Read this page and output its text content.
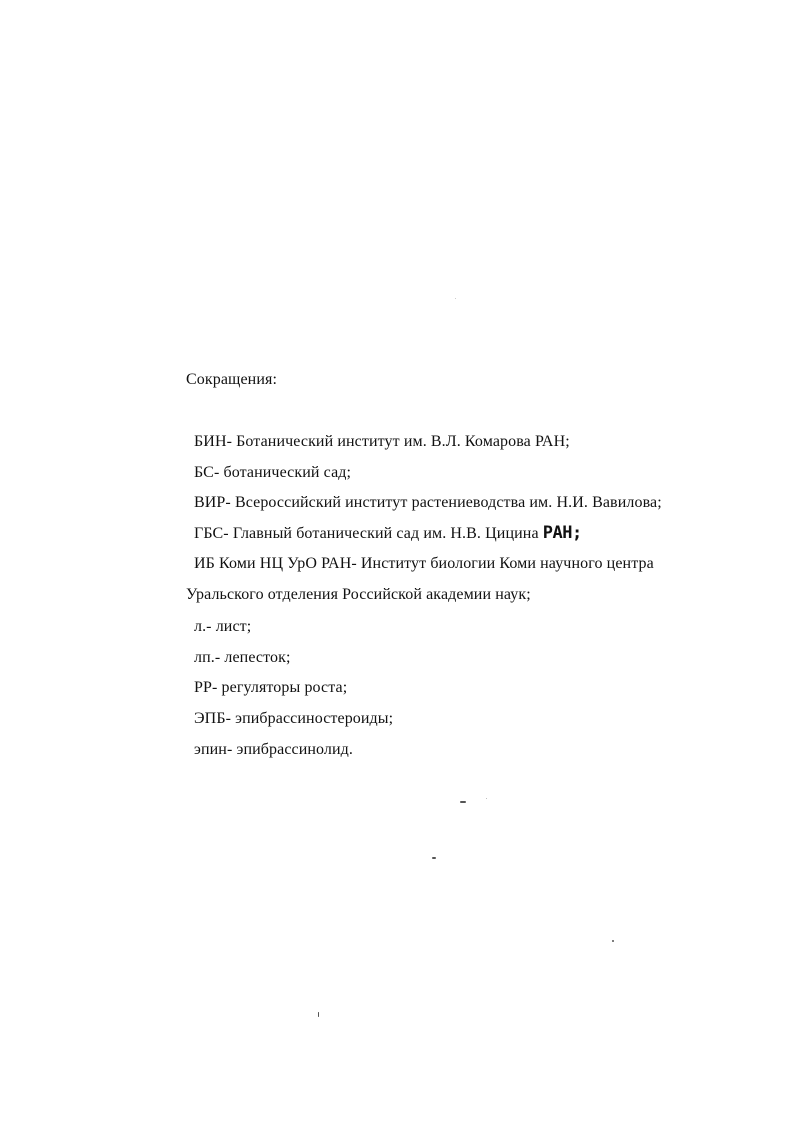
Сокращения:
БИН- Ботанический институт им. В.Л. Комарова РАН;
БС- ботанический сад;
ВИР- Всероссийский институт растениеводства им. Н.И. Вавилова;
ГБС- Главный ботанический сад им. Н.В. Цицина РАН;
ИБ Коми НЦ УрО РАН- Институт биологии Коми научного центра
Уральского отделения Российской академии наук;
л.- лист;
лп.- лепесток;
РР- регуляторы роста;
ЭПБ- эпибрассиностероиды;
эпин- эпибрассинолид.
